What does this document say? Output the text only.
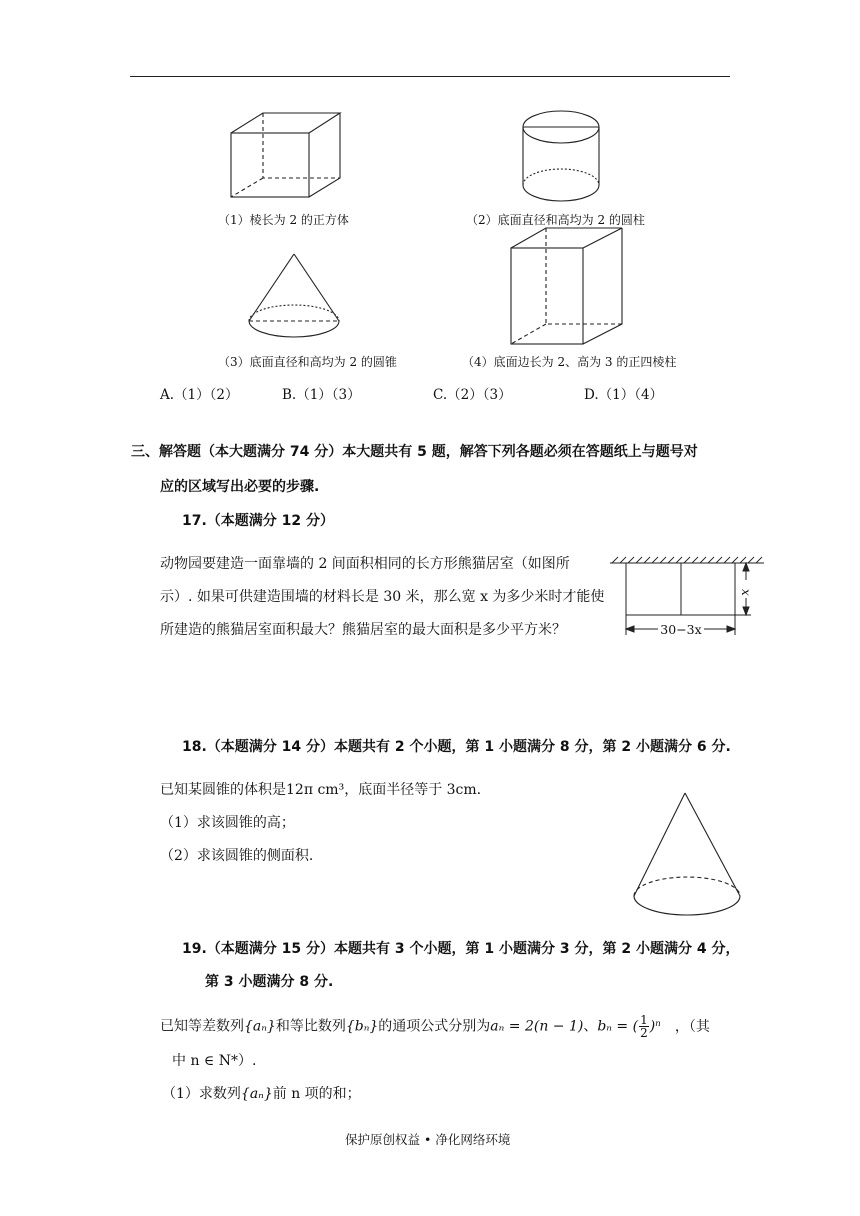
（1）棱长为 2 的正方体	（2）底面直径和高均为 2 的圆柱
（3）底面直径和高均为 2 的圆锥	（4）底面边长为 2、高为 3 的正四棱柱
A.（1）（2）	B.（1）（3）	C.（2）（3）	D.（1）（4）
三、解答题（本大题满分 74 分）本大题共有 5 题，解答下列各题必须在答题纸上与题号对
应的区域写出必要的步骤.
17.（本题满分 12 分）
动物园要建造一面靠墙的 2 间面积相同的长方形熊猫居室（如图所
示）. 如果可供建造围墙的材料长是 30 米，那么宽 x 为多少米时才能使
所建造的熊猫居室面积最大？熊猫居室的最大面积是多少平方米？	30−3x
x
18.（本题满分 14 分）本题共有 2 个小题，第 1 小题满分 8 分，第 2 小题满分 6 分.
已知某圆锥的体积是12π cm³，底面半径等于 3cm.
（1）求该圆锥的高；
（2）求该圆锥的侧面积.
19.（本题满分 15 分）本题共有 3 个小题，第 1 小题满分 3 分，第 2 小题满分 4 分，
第 3 小题满分 8 分.
已知等差数列{aₙ}和等比数列{bₙ}的通项公式分别为aₙ = 2(n − 1)、bₙ = ( $\frac{1}{2} )^n$ ，（其
中 n ∈ N*）.
（1）求数列{aₙ}前 n 项的和；
保护原创权益 • 净化网络环境
